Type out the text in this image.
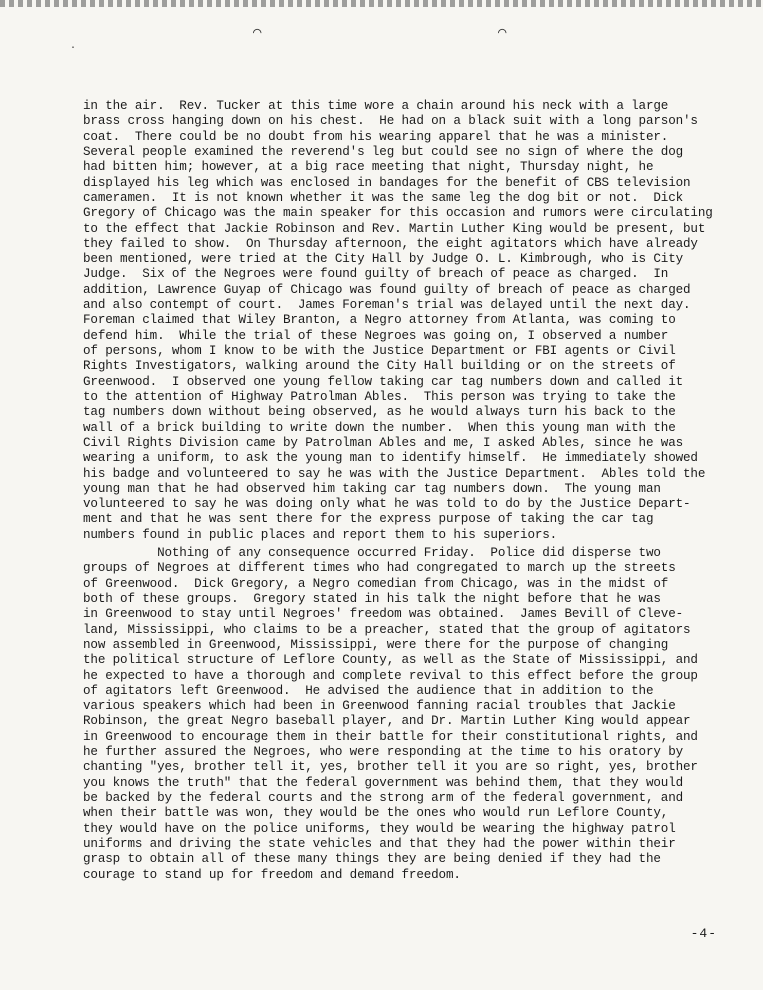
⌒	⌒
·
in the air.  Rev. Tucker at this time wore a chain around his neck with a large
brass cross hanging down on his chest.  He had on a black suit with a long parson's
coat.  There could be no doubt from his wearing apparel that he was a minister.
Several people examined the reverend's leg but could see no sign of where the dog
had bitten him; however, at a big race meeting that night, Thursday night, he
displayed his leg which was enclosed in bandages for the benefit of CBS television
cameramen.  It is not known whether it was the same leg the dog bit or not.  Dick
Gregory of Chicago was the main speaker for this occasion and rumors were circulating
to the effect that Jackie Robinson and Rev. Martin Luther King would be present, but
they failed to show.  On Thursday afternoon, the eight agitators which have already
been mentioned, were tried at the City Hall by Judge O. L. Kimbrough, who is City
Judge.  Six of the Negroes were found guilty of breach of peace as charged.  In
addition, Lawrence Guyap of Chicago was found guilty of breach of peace as charged
and also contempt of court.  James Foreman's trial was delayed until the next day.
Foreman claimed that Wiley Branton, a Negro attorney from Atlanta, was coming to
defend him.  While the trial of these Negroes was going on, I observed a number
of persons, whom I know to be with the Justice Department or FBI agents or Civil
Rights Investigators, walking around the City Hall building or on the streets of
Greenwood.  I observed one young fellow taking car tag numbers down and called it
to the attention of Highway Patrolman Ables.  This person was trying to take the
tag numbers down without being observed, as he would always turn his back to the
wall of a brick building to write down the number.  When this young man with the
Civil Rights Division came by Patrolman Ables and me, I asked Ables, since he was
wearing a uniform, to ask the young man to identify himself.  He immediately showed
his badge and volunteered to say he was with the Justice Department.  Ables told the
young man that he had observed him taking car tag numbers down.  The young man
volunteered to say he was doing only what he was told to do by the Justice Depart-
ment and that he was sent there for the express purpose of taking the car tag
numbers found in public places and report them to his superiors.
Nothing of any consequence occurred Friday.  Police did disperse two
groups of Negroes at different times who had congregated to march up the streets
of Greenwood.  Dick Gregory, a Negro comedian from Chicago, was in the midst of
both of these groups.  Gregory stated in his talk the night before that he was
in Greenwood to stay until Negroes' freedom was obtained.  James Bevill of Cleve-
land, Mississippi, who claims to be a preacher, stated that the group of agitators
now assembled in Greenwood, Mississippi, were there for the purpose of changing
the political structure of Leflore County, as well as the State of Mississippi, and
he expected to have a thorough and complete revival to this effect before the group
of agitators left Greenwood.  He advised the audience that in addition to the
various speakers which had been in Greenwood fanning racial troubles that Jackie
Robinson, the great Negro baseball player, and Dr. Martin Luther King would appear
in Greenwood to encourage them in their battle for their constitutional rights, and
he further assured the Negroes, who were responding at the time to his oratory by
chanting "yes, brother tell it, yes, brother tell it you are so right, yes, brother
you knows the truth" that the federal government was behind them, that they would
be backed by the federal courts and the strong arm of the federal government, and
when their battle was won, they would be the ones who would run Leflore County,
they would have on the police uniforms, they would be wearing the highway patrol
uniforms and driving the state vehicles and that they had the power within their
grasp to obtain all of these many things they are being denied if they had the
courage to stand up for freedom and demand freedom.
-4-
